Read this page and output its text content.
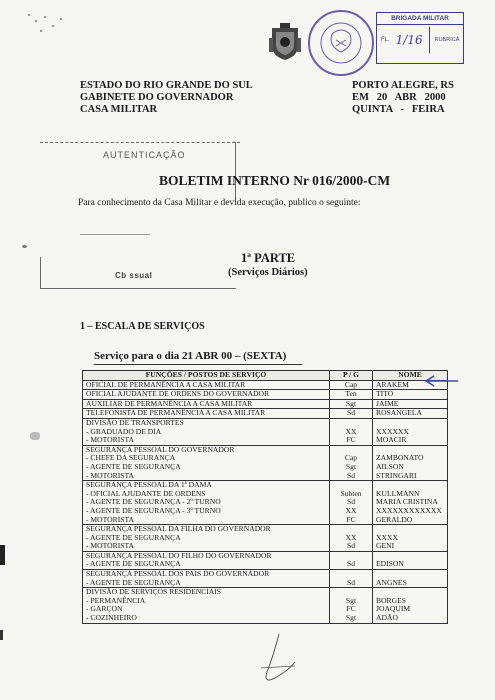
BRIGADA MILITAR
FL. 1/16 RUBRICA
ESTADO DO RIO GRANDE DO SUL
GABINETE DO GOVERNADOR
CASA MILITAR
PORTO ALEGRE, RS
EM   20   ABR   2000
QUINTA   -   FEIRA
AUTENTICAÇÃO
Cb ssual
BOLETIM INTERNO Nr 016/2000-CM
Para conhecimento da Casa Militar e devida execução, publico o seguinte:
1ª PARTE
(Serviços Diários)
1 – ESCALA DE SERVIÇOS
Serviço para o dia 21 ABR 00 – (SEXTA)
FUNÇÕES / POSTOS DE SERVIÇO	P / G	NOME

OFICIAL DE PERMANÊNCIA A CASA MILITAR	Cap	ARAKEM

OFICIAL AJUDANTE DE ORDENS DO GOVERNADOR	Ten	TITO

AUXILIAR DE PERMANÊNCIA A CASA MILITAR	Sgt	JAIME

TELEFONISTA DE PERMANÊNCIA A CASA MILITAR	Sd	ROSANGELA

DIVISÃO DE TRANSPORTES
- GRADUADO DE DIA
- MOTORISTA	XX
FC	XXXXXX
MOACIR

SEGURANÇA PESSOAL DO GOVERNADOR
- CHEFE DA SEGURANÇA
- AGENTE DE SEGURANÇA
- MOTORISTA	Cap
Sgt
Sd	ZAMBONATO
AILSON
STRINGARI

SEGURANÇA PESSOAL DA 1ª DAMA
- OFICIAL AJUDANTE DE ORDENS
- AGENTE DE SEGURANÇA - 2º TURNO
- AGENTE DE SEGURANÇA - 3º TURNO
- MOTORISTA	Subten
Sd
XX
FC	KULLMANN
MARIA CRISTINA
XXXXXXXXXXXX
GERALDO

SEGURANÇA PESSOAL DA FILHA DO GOVERNADOR
- AGENTE DE SEGURANÇA
- MOTORISTA	XX
Sd	XXXX
GENI

SEGURANÇA PESSOAL DO FILHO DO GOVERNADOR
- AGENTE DE SEGURANÇA	Sd	EDISON

SEGURANÇA PESSOAL DOS PAIS DO GOVERNADOR
- AGENTE DE SEGURANÇA	Sd	ANGNES

DIVISÃO DE SERVIÇOS RESIDENCIAIS
- PERMANÊNCIA
- GARÇON
- COZINHEIRO	Sgt
FC
Sgt	BORGES
JOAQUIM
ADÃO
